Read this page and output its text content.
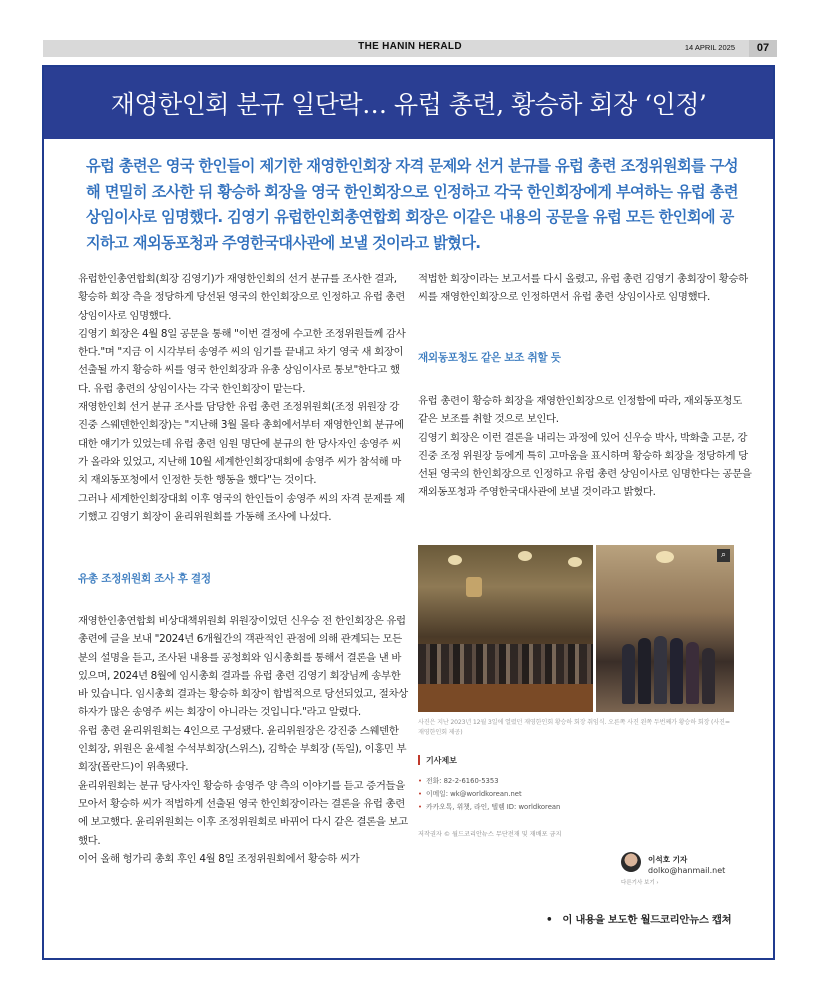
THE HANIN HERALD	14 APRIL 2025	07
재영한인회 분규 일단락… 유럽 총련, 황승하 회장 ‘인정’
유럽 총련은 영국 한인들이 제기한 재영한인회장 자격 문제와 선거 분규를 유럽 총련 조정위원회를 구성해 면밀히 조사한 뒤 황승하 회장을 영국 한인회장으로 인정하고 각국 한인회장에게 부여하는 유럽 총련 상임이사로 임명했다. 김영기 유럽한인회총연합회 회장은 이같은 내용의 공문을 유럽 모든 한인회에 공지하고 재외동포청과 주영한국대사관에 보낼 것이라고 밝혔다.

유럽한인총연합회(회장 김영기)가 재영한인회의 선거 분규를 조사한 결과, 황승하 회장 측을 정당하게 당선된 영국의 한인회장으로 인정하고 유럽 총련 상임이사로 임명했다.

김영기 회장은 4월 8일 공문을 통해 "이번 결정에 수고한 조정위원들께 감사한다."며 "지금 이 시각부터 송영주 씨의 임기를 끝내고 차기 영국 새 회장이 선출될 까지 황승하 씨를 영국 한인회장과 유총 상임이사로 통보"한다고 했다. 유럽 총련의 상임이사는 각국 한인회장이 맡는다.

재영한인회 선거 분규 조사를 담당한 유럽 총련 조정위원회(조정 위원장 강진중 스웨덴한인회장)는 "지난해 3월 몰타 총회에서부터 재영한인회 분규에 대한 얘기가 있었는데 유럽 총련 임원 명단에 분규의 한 당사자인 송영주 씨가 올라와 있었고, 지난해 10월 세계한인회장대회에 송영주 씨가 참석해 마치 재외동포청에서 인정한 듯한 행동을 했다"는 것이다.

그러나 세계한인회장대회 이후 영국의 한인들이 송영주 씨의 자격 문제를 제기했고 김영기 회장이 윤리위원회를 가동해 조사에 나섰다.

유총 조정위원회 조사 후 결정

재영한인총연합회 비상대책위원회 위원장이었던 신우승 전 한인회장은 유럽 총련에 글을 보내 "2024년 6개월간의 객관적인 관점에 의해 관계되는 모든 분의 설명을 듣고, 조사된 내용를 공청회와 임시총회를 통해서 결론을 낸 바 있으며, 2024년 8월에 임시총회 결과를 유럽 총련 김영기 회장님께 송부한 바 있습니다. 임시총회 결과는 황승하 회장이 합법적으로 당선되었고, 절차상 하자가 많은 송영주 씨는 회장이 아니라는 것입니다."라고 알렸다.

유럽 총련 윤리위원회는 4인으로 구성됐다. 윤리위원장은 강진중 스웨덴한인회장, 위원은 윤세철 수석부회장(스위스), 김학순 부회장 (독일), 이홍민 부회장(폴란드)이 위촉됐다.

윤리위원회는 분규 당사자인 황승하 송영주 양 측의 이야기를 듣고 증거들을 모아서 황승하 씨가 적법하게 선출된 영국 한인회장이라는 결론을 유럽 총련에 보고했다. 윤리위원회는 이후 조정위원회로 바뀌어 다시 같은 결론을 보고했다.

이어 올해 헝가리 총회 후인 4월 8일 조정위원회에서 황승하 씨가

적법한 회장이라는 보고서를 다시 올렸고, 유럽 총련 김영기 총회장이 황승하 씨를 재영한인회장으로 인정하면서 유럽 총련 상임이사로 임명했다.

재외동포청도 같은 보조 취할 듯

유럽 총련이 황승하 회장을 재영한인회장으로 인정함에 따라, 재외동포청도 같은 보조를 취할 것으로 보인다.

김영기 회장은 이런 결론을 내리는 과정에 있어 신우승 박사, 박화출 고문, 강진중 조정 위원장 등에게 특히 고마움을 표시하며 황승하 회장을 정당하게 당선된 영국의 한인회장으로 인정하고 유럽 총련 상임이사로 임명한다는 공문을 재외동포청과 주영한국대사관에 보낼 것이라고 밝혔다.

⌕
사진은 지난 2023년 12월 3일에 열렸던 재영한인회 황승하 회장 취임식. 오른쪽 사진 왼쪽 두번째가 황승하 회장 (사진=재영한인회 제공)
기사제보
• 전화: 82-2-6160-5353
• 이메일: wk@worldkorean.net
• 카카오톡, 위챗, 라인, 텔렘 ID: worldkorean
저작권자 © 월드코리안뉴스 무단전재 및 재배포 금지
이석호 기자
dolko@hanmail.net
다른기사 보기 ›
• 이 내용을 보도한 월드코리안뉴스 캡쳐
